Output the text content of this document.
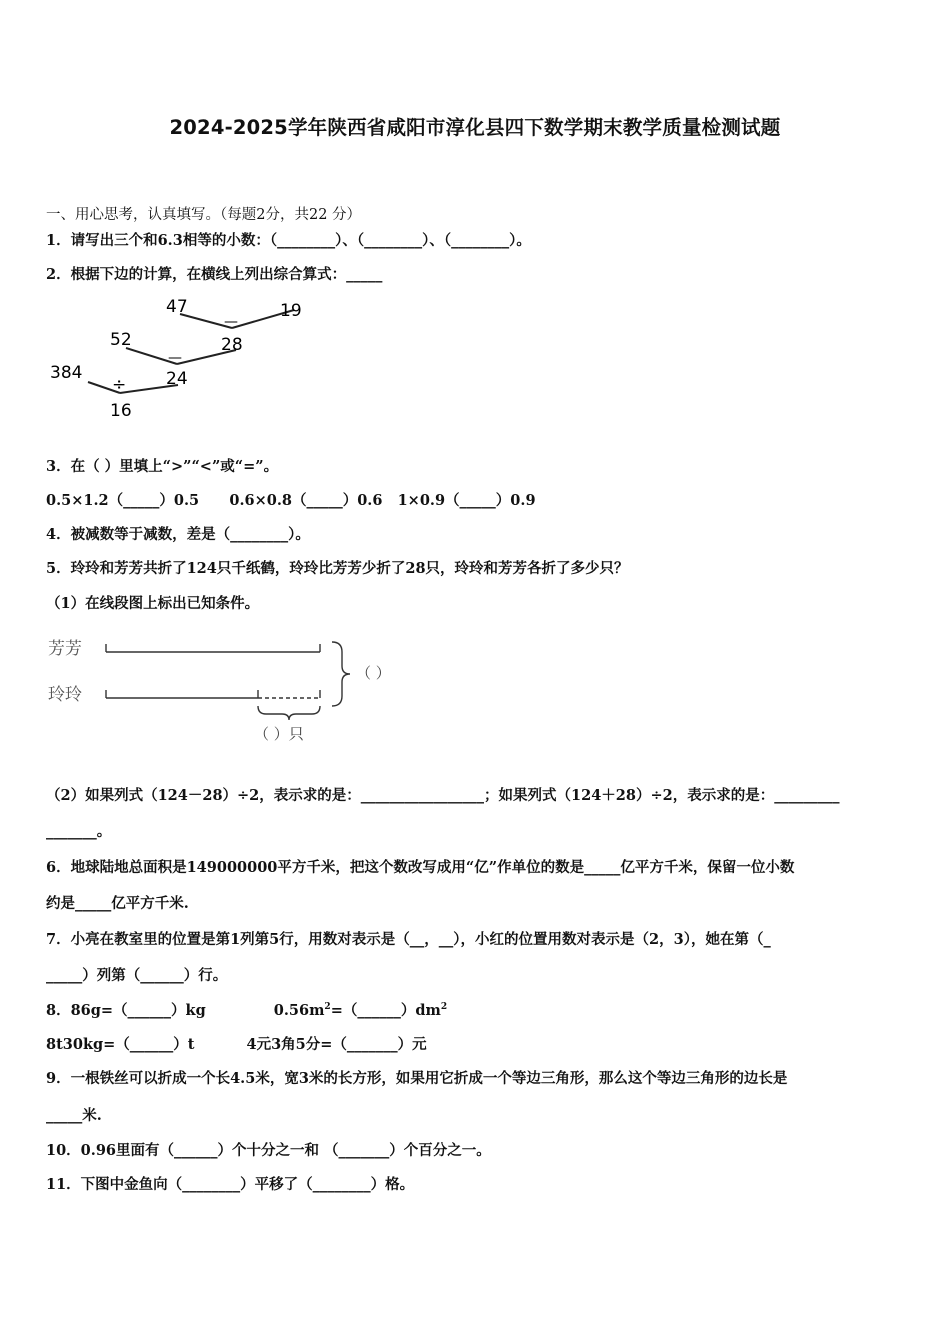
2024-2025学年陕西省咸阳市淳化县四下数学期末教学质量检测试题
一、用心思考，认真填写。（每题2分，共22 分）
1．请写出三个和6.3相等的小数：（________）、（________）、（________）。
2．根据下边的计算，在横线上列出综合算式：_____
47	19
—
28
52
—
24
384
÷
16
3．在（ ）里填上“>”“<”或“=”。
0.5×1.2（_____）0.5      0.6×0.8（_____）0.6   1×0.9（_____）0.9
4．被减数等于减数，差是（________）。
5．玲玲和芳芳共折了124只千纸鹤，玲玲比芳芳少折了28只，玲玲和芳芳各折了多少只？
（1）在线段图上标出已知条件。
芳芳
玲玲
（ ）
（ ）只
（2）如果列式（124－28）÷2，表示求的是：_________________；如果列式（124＋28）÷2，表示求的是：_________
_______。
6．地球陆地总面积是149000000平方千米，把这个数改写成用“亿”作单位的数是_____亿平方千米，保留一位小数
约是_____亿平方千米.
7．小亮在教室里的位置是第1列第5行，用数对表示是（__，__），小红的位置用数对表示是（2，3），她在第（_
_____）列第（______）行。
8．86g=（______）kg	$0.56m^2=(\_\_\_\_\_\_)dm^2$
8t30kg=（______）t	4元3角5分=（_______）元
9．一根铁丝可以折成一个长4.5米，宽3米的长方形，如果用它折成一个等边三角形，那么这个等边三角形的边长是
_____米.
10．0.96里面有（______）个十分之一和 （_______）个百分之一。
11．下图中金鱼向（________）平移了（________）格。
